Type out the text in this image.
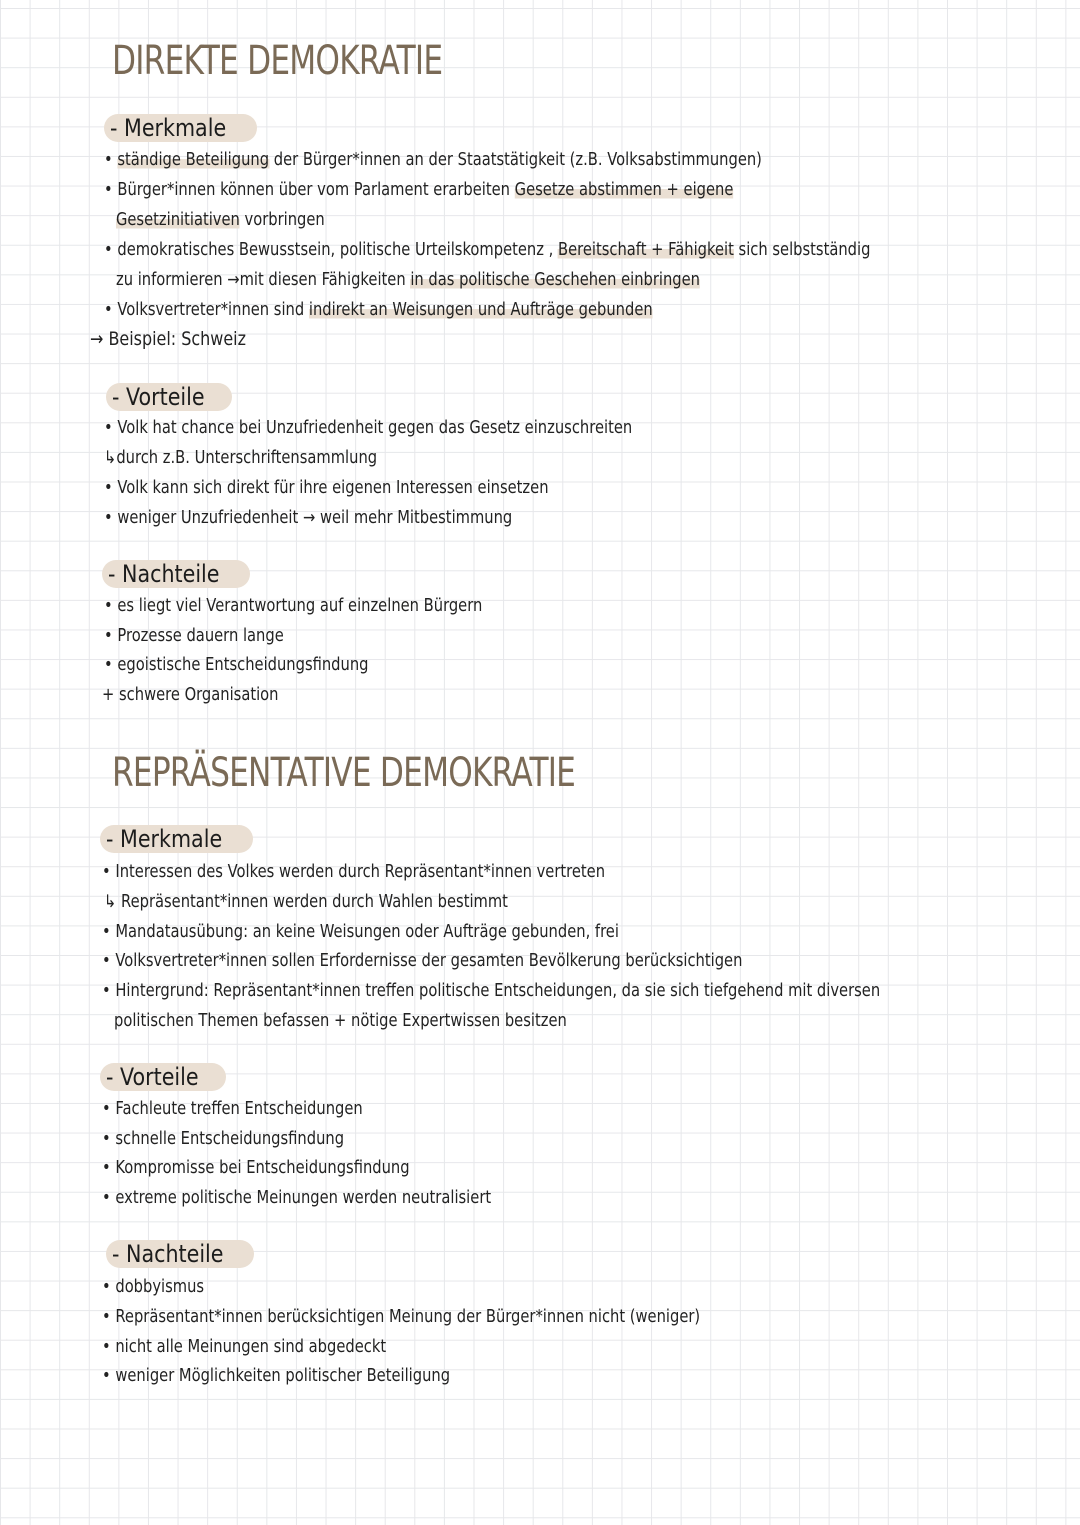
DIREKTE DEMOKRATIE
- Merkmale
• ständige Beteiligung der Bürger*innen an der Staatstätigkeit (z.B. Volksabstimmungen)
• Bürger*innen können über vom Parlament erarbeiten Gesetze abstimmen + eigene
Gesetzinitiativen vorbringen
• demokratisches Bewusstsein, politische Urteilskompetenz , Bereitschaft + Fähigkeit sich selbstständig
zu informieren →mit diesen Fähigkeiten in das politische Geschehen einbringen
• Volksvertreter*innen sind indirekt an Weisungen und Aufträge gebunden
→ Beispiel: Schweiz
- Vorteile
• Volk hat chance bei Unzufriedenheit gegen das Gesetz einzuschreiten
↳durch z.B. Unterschriftensammlung
• Volk kann sich direkt für ihre eigenen Interessen einsetzen
• weniger Unzufriedenheit → weil mehr Mitbestimmung
- Nachteile
• es liegt viel Verantwortung auf einzelnen Bürgern
• Prozesse dauern lange
• egoistische Entscheidungsfindung
+ schwere Organisation
REPRÄSENTATIVE DEMOKRATIE
- Merkmale
• Interessen des Volkes werden durch Repräsentant*innen vertreten
↳ Repräsentant*innen werden durch Wahlen bestimmt
• Mandatausübung: an keine Weisungen oder Aufträge gebunden, frei
• Volksvertreter*innen sollen Erfordernisse der gesamten Bevölkerung berücksichtigen
• Hintergrund: Repräsentant*innen treffen politische Entscheidungen, da sie sich tiefgehend mit diversen
politischen Themen befassen + nötige Expertwissen besitzen
- Vorteile
• Fachleute treffen Entscheidungen
• schnelle Entscheidungsfindung
• Kompromisse bei Entscheidungsfindung
• extreme politische Meinungen werden neutralisiert
- Nachteile
• dobbyismus
• Repräsentant*innen berücksichtigen Meinung der Bürger*innen nicht (weniger)
• nicht alle Meinungen sind abgedeckt
• weniger Möglichkeiten politischer Beteiligung
